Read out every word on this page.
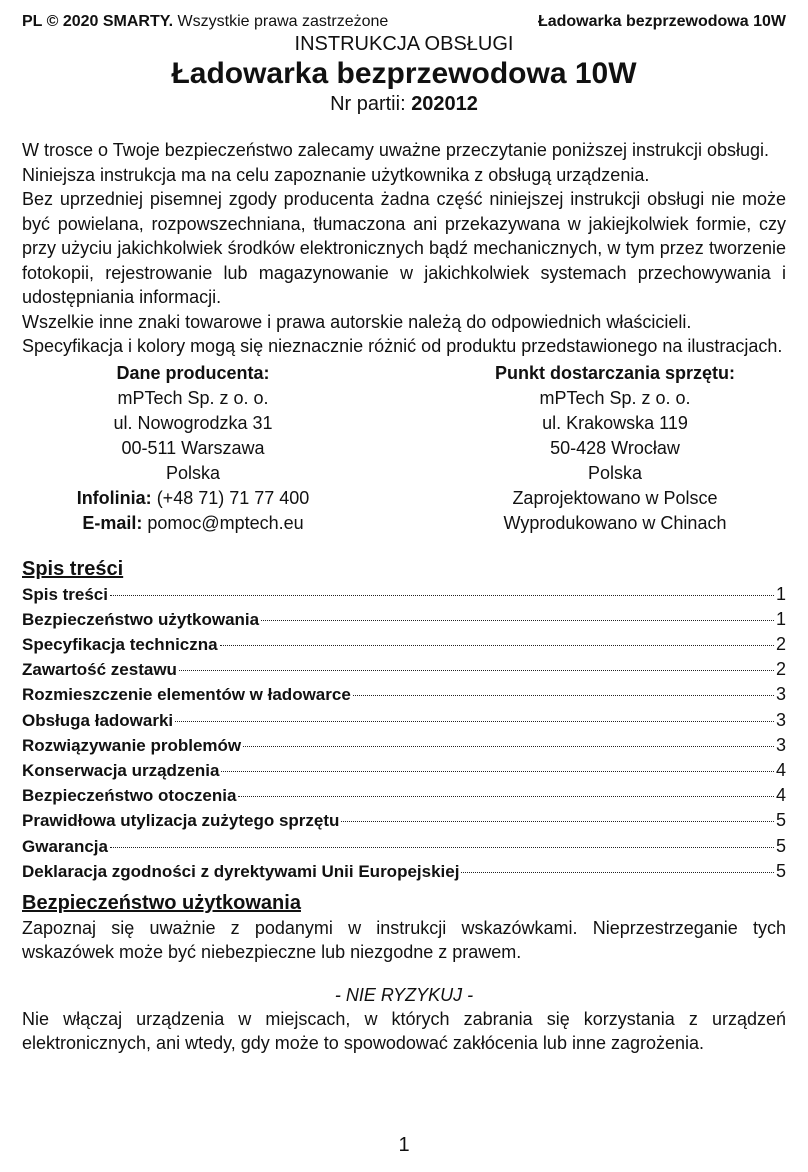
PL © 2020 SMARTY. Wszystkie prawa zastrzeżone	Ładowarka bezprzewodowa 10W
INSTRUKCJA OBSŁUGI
Ładowarka bezprzewodowa 10W
Nr partii: 202012

W trosce o Twoje bezpieczeństwo zalecamy uważne przeczytanie poniższej instrukcji obsługi.

Niniejsza instrukcja ma na celu zapoznanie użytkownika z obsługą urządzenia.

Bez uprzedniej pisemnej zgody producenta żadna część niniejszej instrukcji obsługi nie może być powielana, rozpowszechniana, tłumaczona ani przekazywana w jakiejkolwiek formie, czy przy użyciu jakichkolwiek środków elektronicznych bądź mechanicznych, w tym przez tworzenie fotokopii, rejestrowanie lub magazynowanie w jakichkolwiek systemach przechowywania i udostępniania informacji.

Wszelkie inne znaki towarowe i prawa autorskie należą do odpowiednich właścicieli.

Specyfikacja i kolory mogą się nieznacznie różnić od produktu przedstawionego na ilustracjach.

Dane producenta:
mPTech Sp. z o. o.
ul. Nowogrodzka 31
00-511 Warszawa
Polska
Infolinia: (+48 71) 71 77 400
E-mail: pomoc@mptech.eu
Punkt dostarczania sprzętu:
mPTech Sp. z o. o.
ul. Krakowska 119
50-428 Wrocław
Polska
Zaprojektowano w Polsce
Wyprodukowano w Chinach
Spis treści
Spis treści	1
Bezpieczeństwo użytkowania	1
Specyfikacja techniczna	2
Zawartość zestawu	2
Rozmieszczenie elementów w ładowarce	3
Obsługa ładowarki	3
Rozwiązywanie problemów	3
Konserwacja urządzenia	4
Bezpieczeństwo otoczenia	4
Prawidłowa utylizacja zużytego sprzętu	5
Gwarancja	5
Deklaracja zgodności z dyrektywami Unii Europejskiej	5
Bezpieczeństwo użytkowania

Zapoznaj się uważnie z podanymi w instrukcji wskazówkami. Nieprzestrzeganie tych wskazówek może być niebezpieczne lub niezgodne z prawem.

- NIE RYZYKUJ -

Nie włączaj urządzenia w miejscach, w których zabrania się korzystania z urządzeń elektronicznych, ani wtedy, gdy może to spowodować zakłócenia lub inne zagrożenia.

1
